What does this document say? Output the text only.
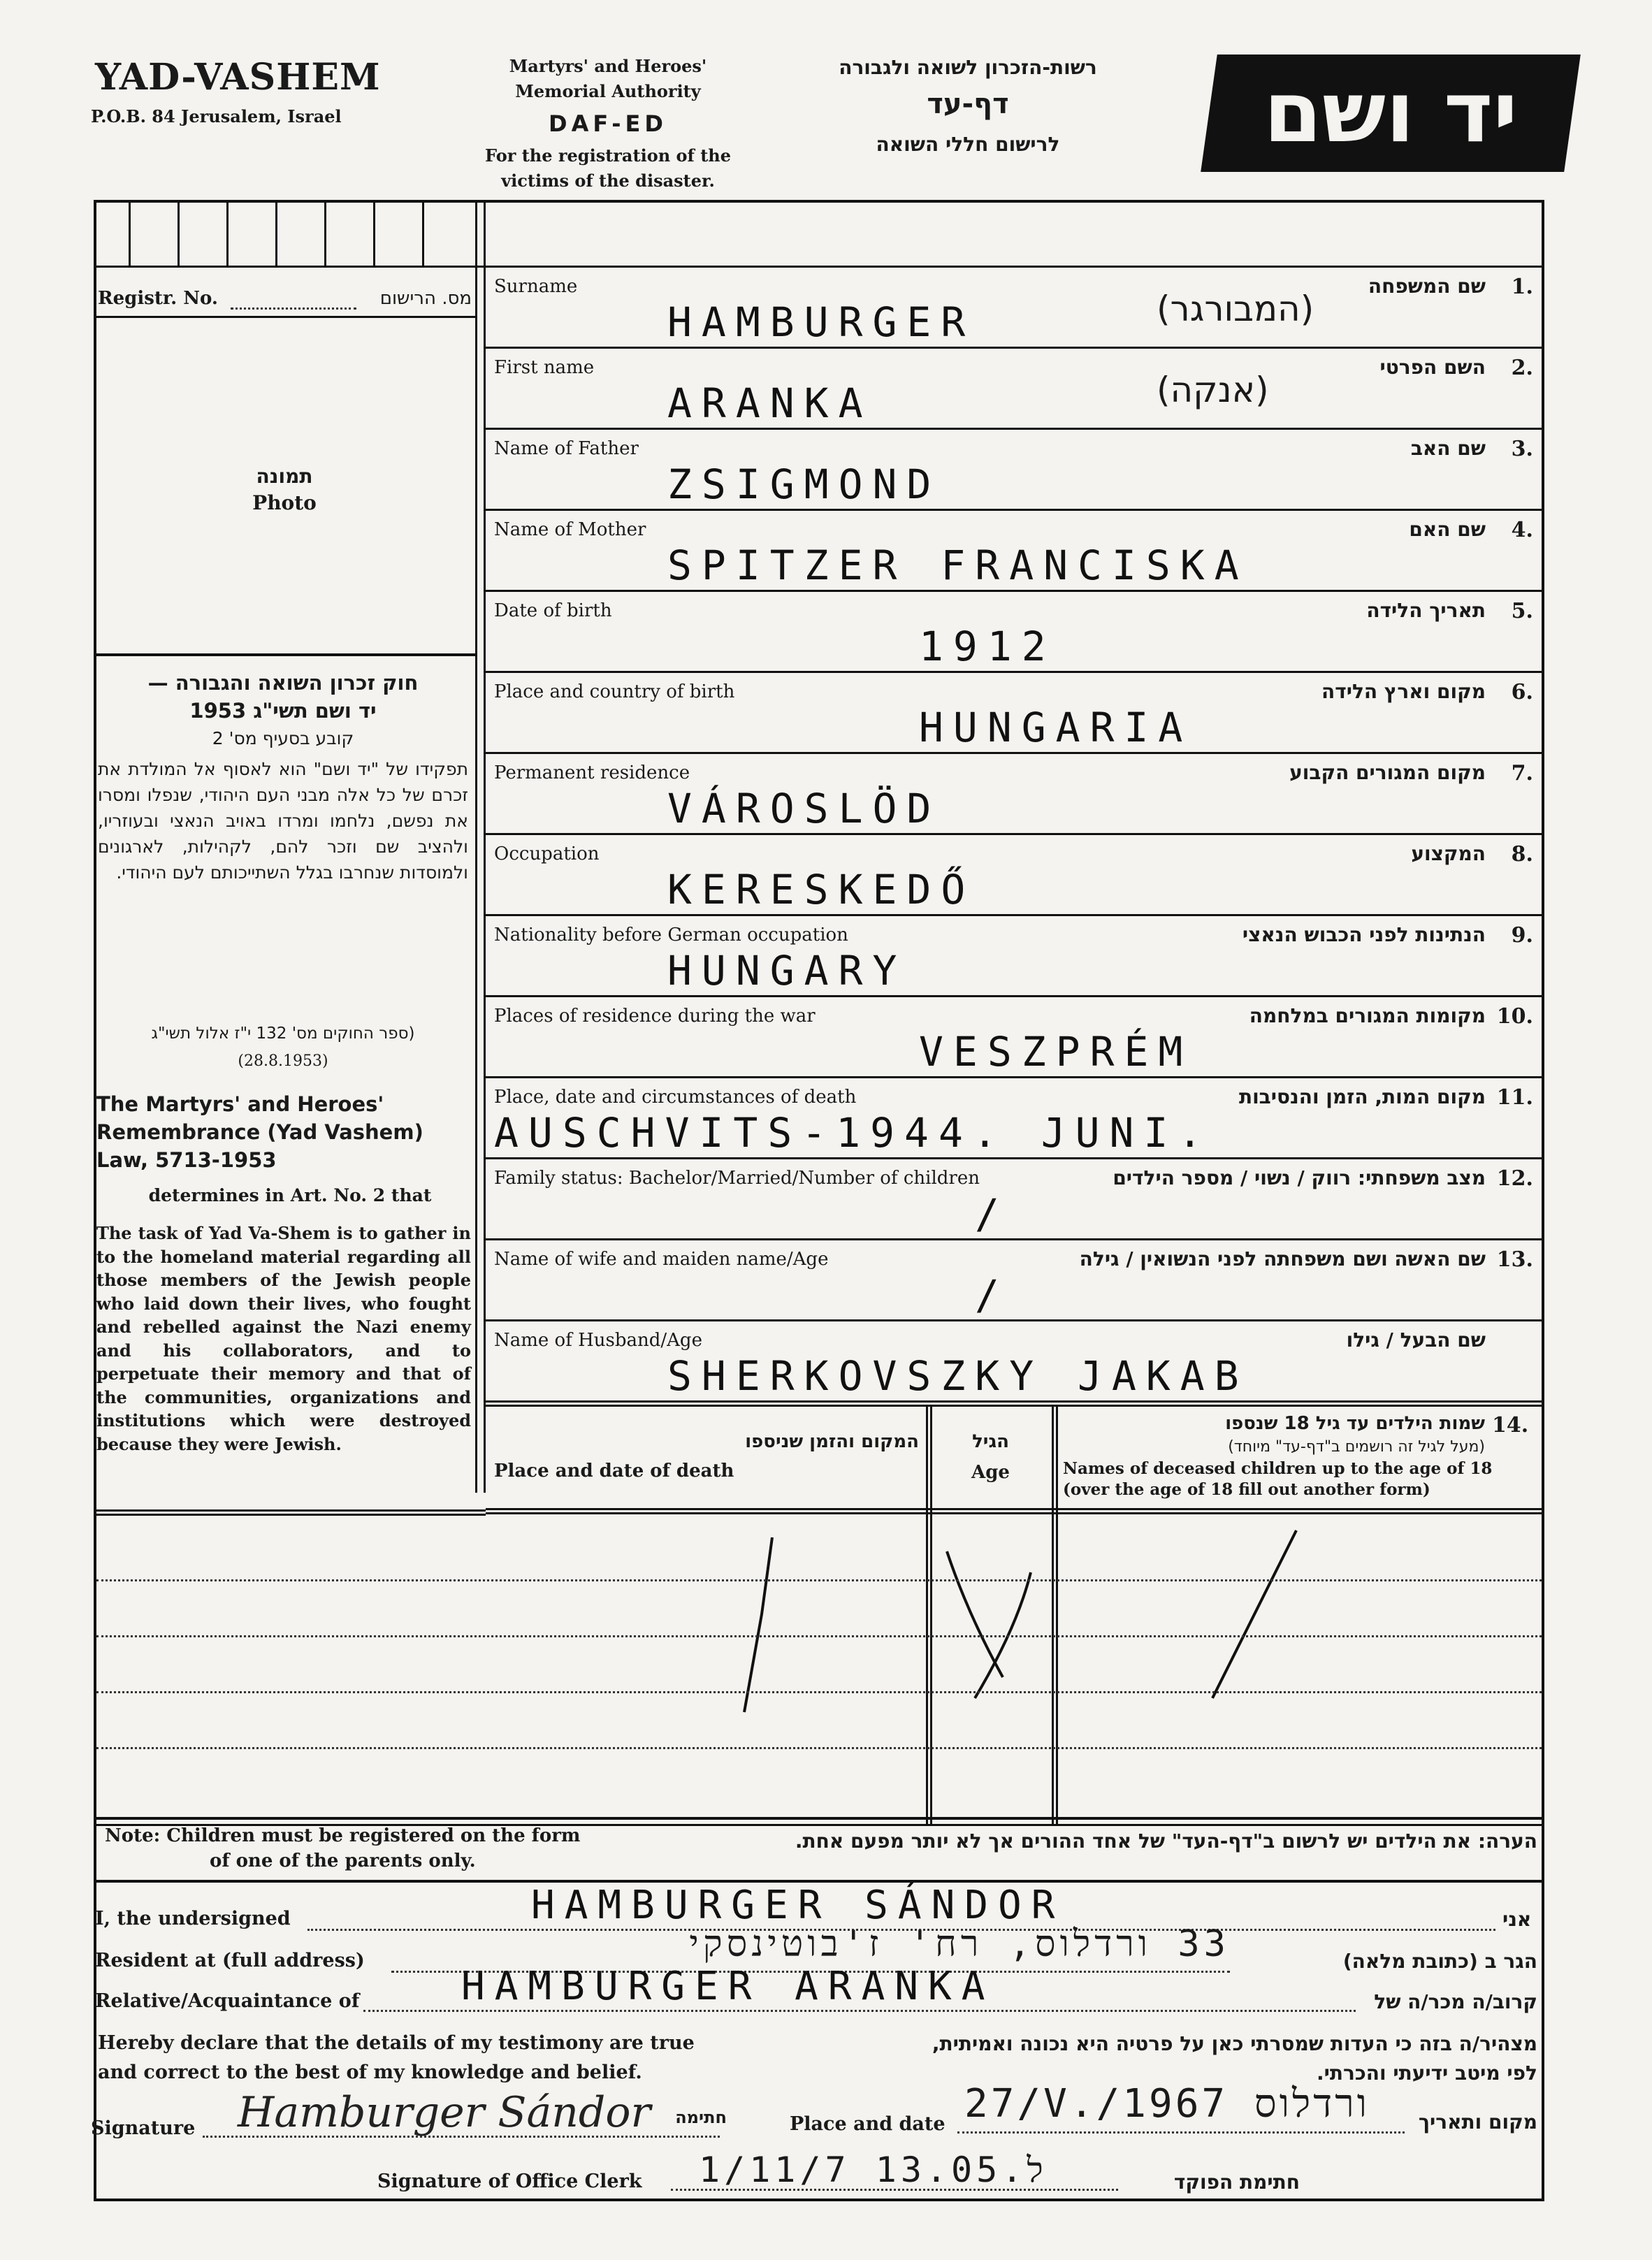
YAD-VASHEM
P.O.B. 84 Jerusalem, Israel
Martyrs' and Heroes'
Memorial Authority
DAF-ED
For the registration of the
victims of the disaster.
רשות-הזכרון לשואה ולגבורה
דף-עד
לרישום חללי השואה	יד ושם
Registr. No.	מס. הרישום
תמונה
Photo
חוק זכרון השואה והגבורה —
יד ושם תשי"ג 1953
קובע בסעיף מס' 2
תפקידו של "יד ושם" הוא לאסוף אל המולדת את זכרם של כל אלה מבני העם היהודי, שנפלו ומסרו את נפשם, נלחמו ומרדו באויב הנאצי ובעוזריו, ולהציב שם וזכר להם, לקהילות, לארגונים ולמוסדות שנחרבו בגלל השתייכותם לעם היהודי.
(ספר החוקים מס' 132 י"ז אלול תשי"ג
(28.8.1953)
The Martyrs' and Heroes' Remembrance (Yad Vashem) Law, 5713-1953
determines in Art. No. 2 that
The task of Yad Va-Shem is to gather in to the homeland material regarding all those members of the Jewish people who laid down their lives, who fought and rebelled against the Nazi enemy and his collaborators, and to perpetuate their memory and that of the communities, organizations and institutions which were destroyed because they were Jewish.
Surname	שם המשפחה 1.
HAMBURGER	(המבורגר)
First name	השם הפרטי 2.
ARANKA	(אנקה)
Name of Father	שם האב 3.
ZSIGMOND
Name of Mother	שם האם 4.
SPITZER FRANCISKA
Date of birth	תאריך הלידה 5.
1912
Place and country of birth	מקום וארץ הלידה 6.
HUNGARIA
Permanent residence	מקום המגורים הקבוע 7.
VÁROSLÖD
Occupation	המקצוע 8.
KERESKEDŐ
Nationality before German occupation	הנתינות לפני הכבוש הנאצי 9.
HUNGARY
Places of residence during the war	מקומות המגורים במלחמה 10.
VESZPRÉM
Place, date and circumstances of death	מקום המות, הזמן והנסיבות 11.
AUSCHVITS-1944. JUNI.
Family status: Bachelor/Married/Number of children	מצב משפחתי: רווק / נשוי / מספר הילדים 12.
/
Name of wife and maiden name/Age	שם האשה ושם משפחתה לפני הנשואין / גילה 13.
/
Name of Husband/Age	שם הבעל / גילו
SHERKOVSZKY JAKAB
המקום והזמן שניספו
Place and date of death
הגיל
Age
14.
שמות הילדים עד גיל 18 שנספו
(מעל לגיל זה רושמים ב"דף-עד" מיוחד)
Names of deceased children up to the age of 18
(over the age of 18 fill out another form)
Note: Children must be registered on the form
of one of the parents only.
הערה: את הילדים יש לרשום ב"דף-העד" של אחד ההורים אך לא יותר מפעם אחת.
I, the undersigned	HAMBURGER SÁNDOR	אני
Resident at (full address)	33 ורדלוס, רח' ז'בוטינסקי	הגר ב (כתובת מלאה)
Relative/Acquaintance of	HAMBURGER ARANKA	קרוב/ה מכר/ה של
Hereby declare that the details of my testimony are true
and correct to the best of my knowledge and belief.
מצהיר/ה בזה כי העדות שמסרתי כאן על פרטיה היא נכונה ואמיתית,
לפי מיטב ידיעתי והכרתי.
Signature Hamburger Sándor חתימה	Place and date 27/V./1967 ורדלוס	מקום ותאריך
Signature of Office Clerk 1/11/7 13.05.ל	חתימת הפוקד
